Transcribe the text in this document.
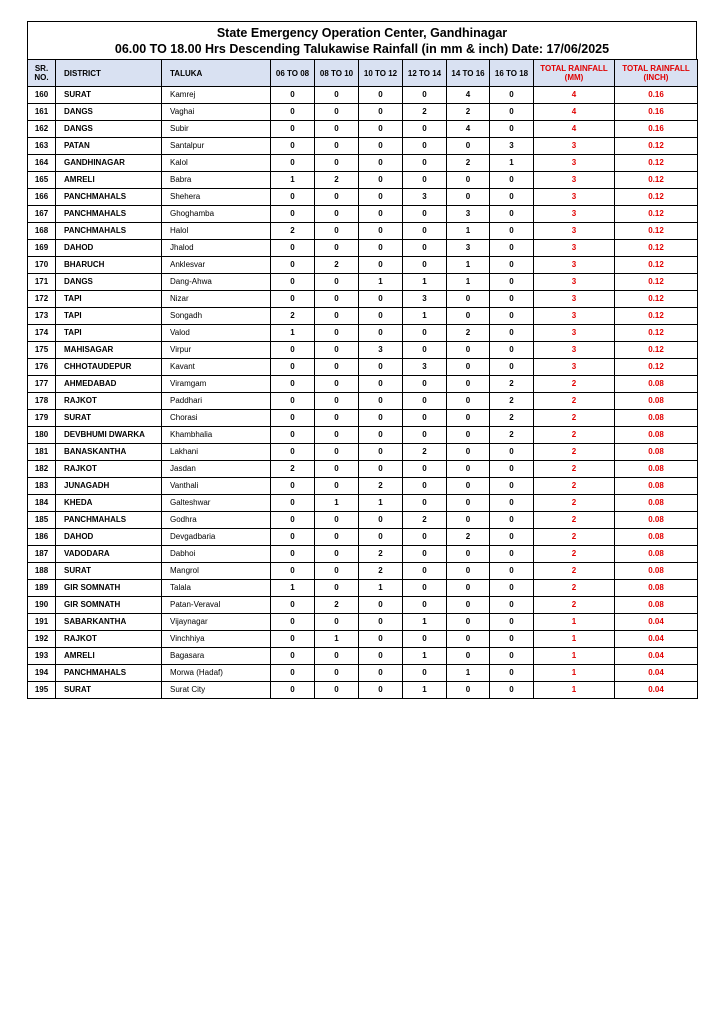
State Emergency Operation Center, Gandhinagar
06.00 TO 18.00 Hrs Descending Talukawise Rainfall (in mm & inch) Date: 17/06/2025
SR. NO.	DISTRICT	TALUKA	06 TO 08	08 TO 10	10 TO 12	12 TO 14	14 TO 16	16 TO 18	TOTAL RAINFALL (MM)	TOTAL RAINFALL (INCH)
160	SURAT	Kamrej	0	0	0	0	4	0	4	0.16
161	DANGS	Vaghai	0	0	0	2	2	0	4	0.16
162	DANGS	Subir	0	0	0	0	4	0	4	0.16
163	PATAN	Santalpur	0	0	0	0	0	3	3	0.12
164	GANDHINAGAR	Kalol	0	0	0	0	2	1	3	0.12
165	AMRELI	Babra	1	2	0	0	0	0	3	0.12
166	PANCHMAHALS	Shehera	0	0	0	3	0	0	3	0.12
167	PANCHMAHALS	Ghoghamba	0	0	0	0	3	0	3	0.12
168	PANCHMAHALS	Halol	2	0	0	0	1	0	3	0.12
169	DAHOD	Jhalod	0	0	0	0	3	0	3	0.12
170	BHARUCH	Anklesvar	0	2	0	0	1	0	3	0.12
171	DANGS	Dang-Ahwa	0	0	1	1	1	0	3	0.12
172	TAPI	Nizar	0	0	0	3	0	0	3	0.12
173	TAPI	Songadh	2	0	0	1	0	0	3	0.12
174	TAPI	Valod	1	0	0	0	2	0	3	0.12
175	MAHISAGAR	Virpur	0	0	3	0	0	0	3	0.12
176	CHHOTAUDEPUR	Kavant	0	0	0	3	0	0	3	0.12
177	AHMEDABAD	Viramgam	0	0	0	0	0	2	2	0.08
178	RAJKOT	Paddhari	0	0	0	0	0	2	2	0.08
179	SURAT	Chorasi	0	0	0	0	0	2	2	0.08
180	DEVBHUMI DWARKA	Khambhalia	0	0	0	0	0	2	2	0.08
181	BANASKANTHA	Lakhani	0	0	0	2	0	0	2	0.08
182	RAJKOT	Jasdan	2	0	0	0	0	0	2	0.08
183	JUNAGADH	Vanthali	0	0	2	0	0	0	2	0.08
184	KHEDA	Galteshwar	0	1	1	0	0	0	2	0.08
185	PANCHMAHALS	Godhra	0	0	0	2	0	0	2	0.08
186	DAHOD	Devgadbaria	0	0	0	0	2	0	2	0.08
187	VADODARA	Dabhoi	0	0	2	0	0	0	2	0.08
188	SURAT	Mangrol	0	0	2	0	0	0	2	0.08
189	GIR SOMNATH	Talala	1	0	1	0	0	0	2	0.08
190	GIR SOMNATH	Patan-Veraval	0	2	0	0	0	0	2	0.08
191	SABARKANTHA	Vijaynagar	0	0	0	1	0	0	1	0.04
192	RAJKOT	Vinchhiya	0	1	0	0	0	0	1	0.04
193	AMRELI	Bagasara	0	0	0	1	0	0	1	0.04
194	PANCHMAHALS	Morwa (Hadaf)	0	0	0	0	1	0	1	0.04
195	SURAT	Surat City	0	0	0	1	0	0	1	0.04
